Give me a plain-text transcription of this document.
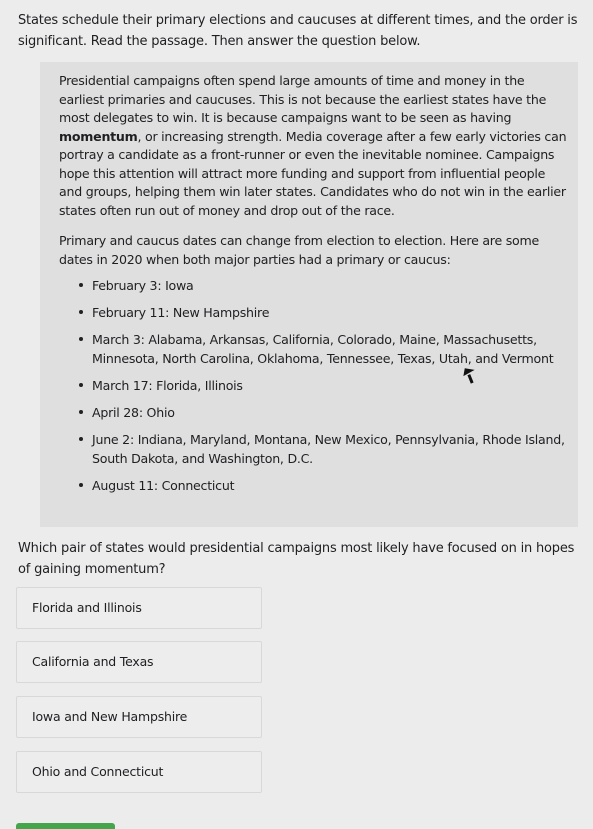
States schedule their primary elections and caucuses at different times, and the order is significant. Read the passage. Then answer the question below.

Presidential campaigns often spend large amounts of time and money in the earliest primaries and caucuses. This is not because the earliest states have the most delegates to win. It is because campaigns want to be seen as having momentum, or increasing strength. Media coverage after a few early victories can portray a candidate as a front-runner or even the inevitable nominee. Campaigns hope this attention will attract more funding and support from influential people and groups, helping them win later states. Candidates who do not win in the earlier states often run out of money and drop out of the race.

Primary and caucus dates can change from election to election. Here are some dates in 2020 when both major parties had a primary or caucus:

February 3: Iowa
February 11: New Hampshire
March 3: Alabama, Arkansas, California, Colorado, Maine, Massachusetts, Minnesota, North Carolina, Oklahoma, Tennessee, Texas, Utah, and Vermont
March 17: Florida, Illinois
April 28: Ohio
June 2: Indiana, Maryland, Montana, New Mexico, Pennsylvania, Rhode Island, South Dakota, and Washington, D.C.
August 11: Connecticut
Which pair of states would presidential campaigns most likely have focused on in hopes of gaining momentum?
Florida and Illinois
California and Texas
Iowa and New Hampshire
Ohio and Connecticut
